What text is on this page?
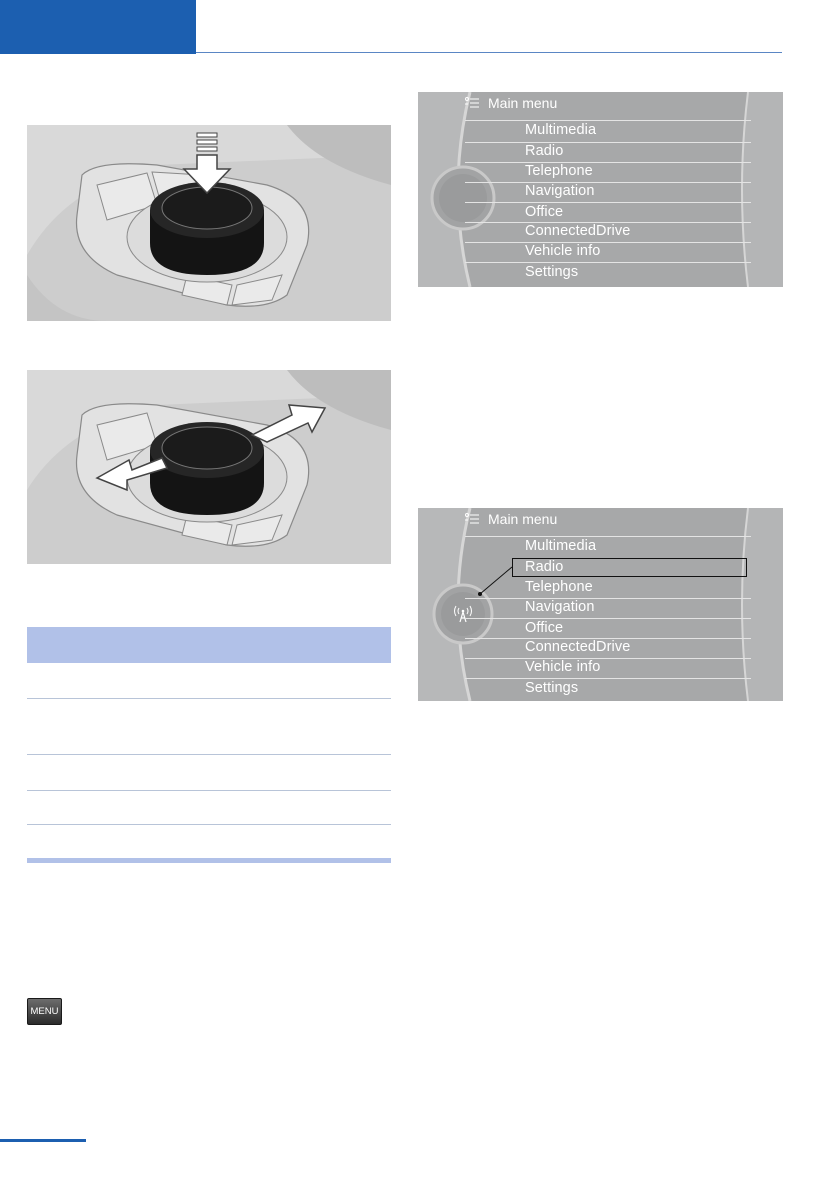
Main menu
Multimedia
Radio
Telephone
Navigation
Office
ConnectedDrive
Vehicle info
Settings
Main menu
Multimedia
Radio
Telephone
Navigation
Office
ConnectedDrive
Vehicle info
Settings
MENU
